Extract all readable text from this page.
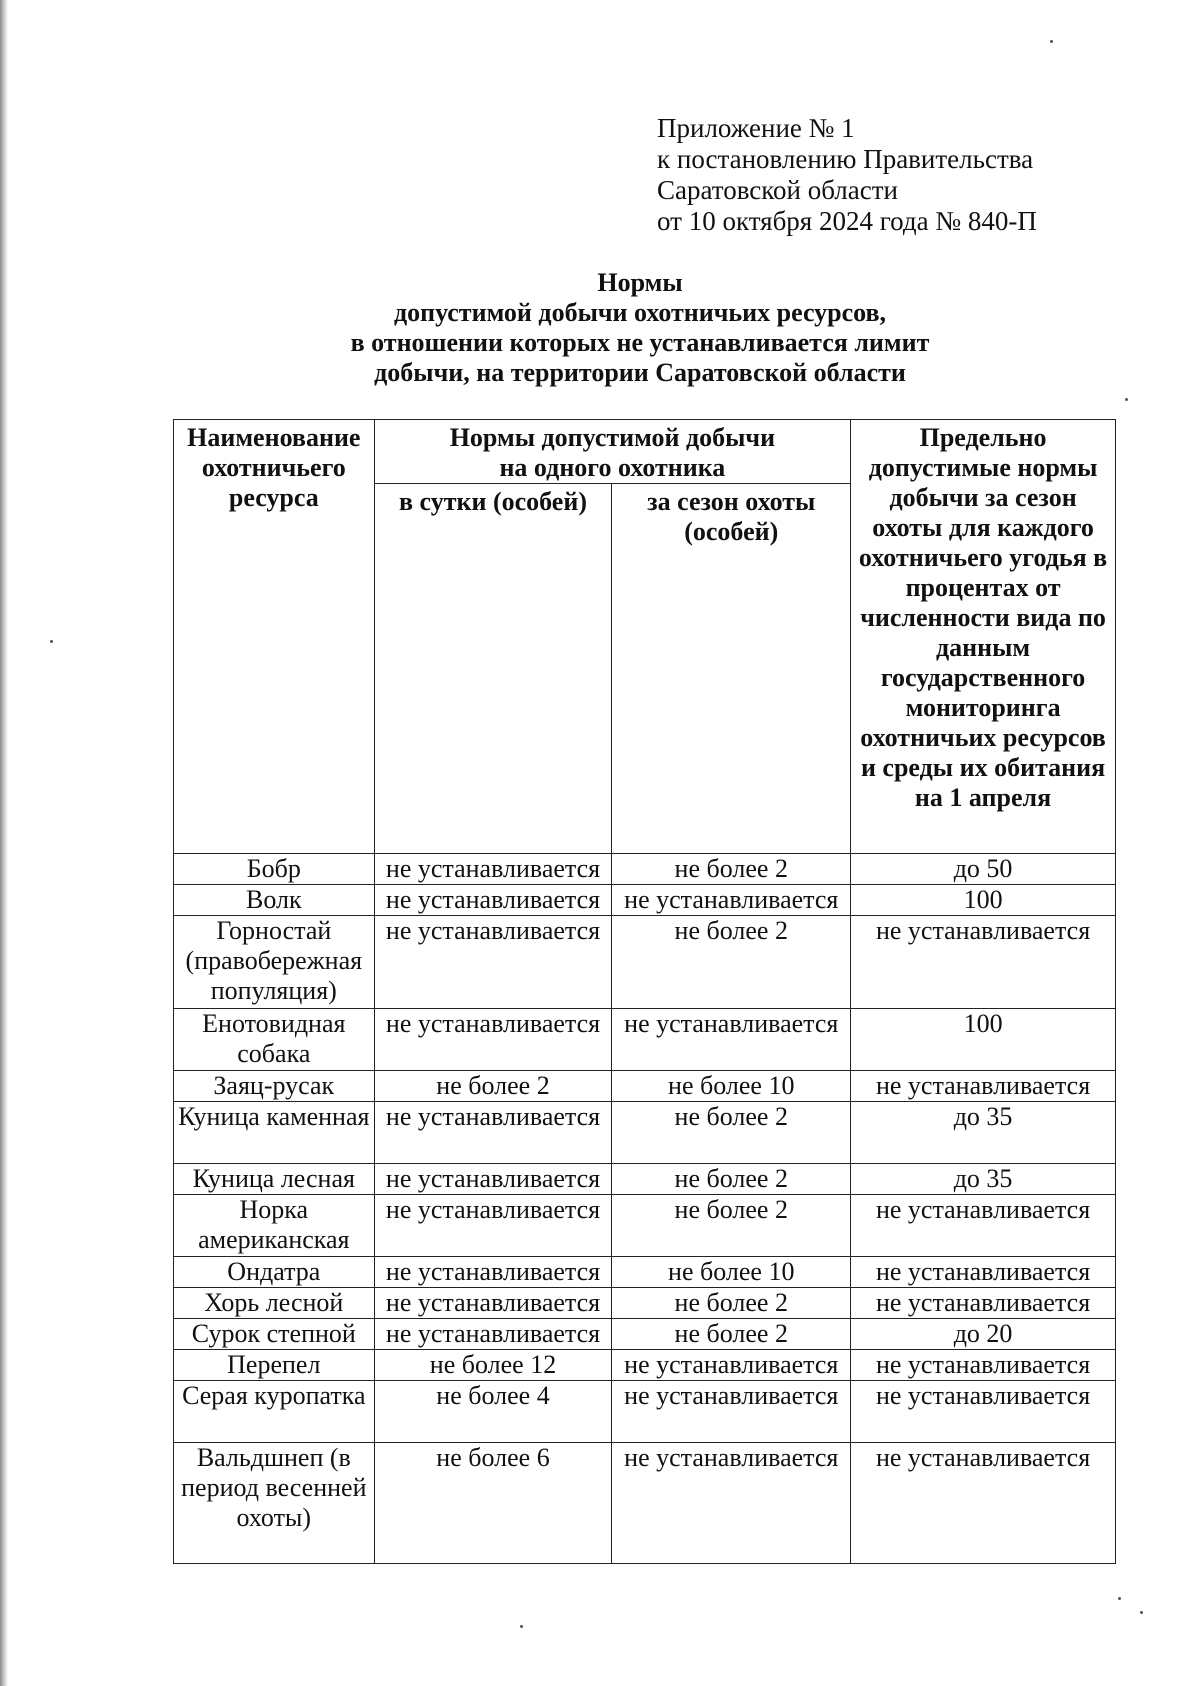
Приложение № 1
к постановлению Правительства
Саратовской области
от 10 октября 2024 года № 840-П
Нормы
допустимой добычи охотничьих ресурсов,
в отношении которых не устанавливается лимит
добычи, на территории Саратовской области
Наименование охотничьего ресурса	Нормы допустимой добычи на одного охотника		Предельно допустимые нормы добычи за сезон охоты для каждого охотничьего угодья в процентах от численности вида по данным государственного мониторинга охотничьих ресурсов и среды их обитания на 1 апреля
	в сутки (особей)	за сезон охоты (особей)	
Бобр	не устанавливается	не более 2	до 50
Волк	не устанавливается	не устанавливается	100
Горностай (правобережная популяция)	не устанавливается	не более 2	не устанавливается
Енотовидная собака	не устанавливается	не устанавливается	100
Заяц-русак	не более 2	не более 10	не устанавливается
Куница каменная	не устанавливается	не более 2	до 35
Куница лесная	не устанавливается	не более 2	до 35
Норка американская	не устанавливается	не более 2	не устанавливается
Ондатра	не устанавливается	не более 10	не устанавливается
Хорь лесной	не устанавливается	не более 2	не устанавливается
Сурок степной	не устанавливается	не более 2	до 20
Перепел	не более 12	не устанавливается	не устанавливается
Серая куропатка	не более 4	не устанавливается	не устанавливается
Вальдшнеп (в период весенней охоты)	не более 6	не устанавливается	не устанавливается
